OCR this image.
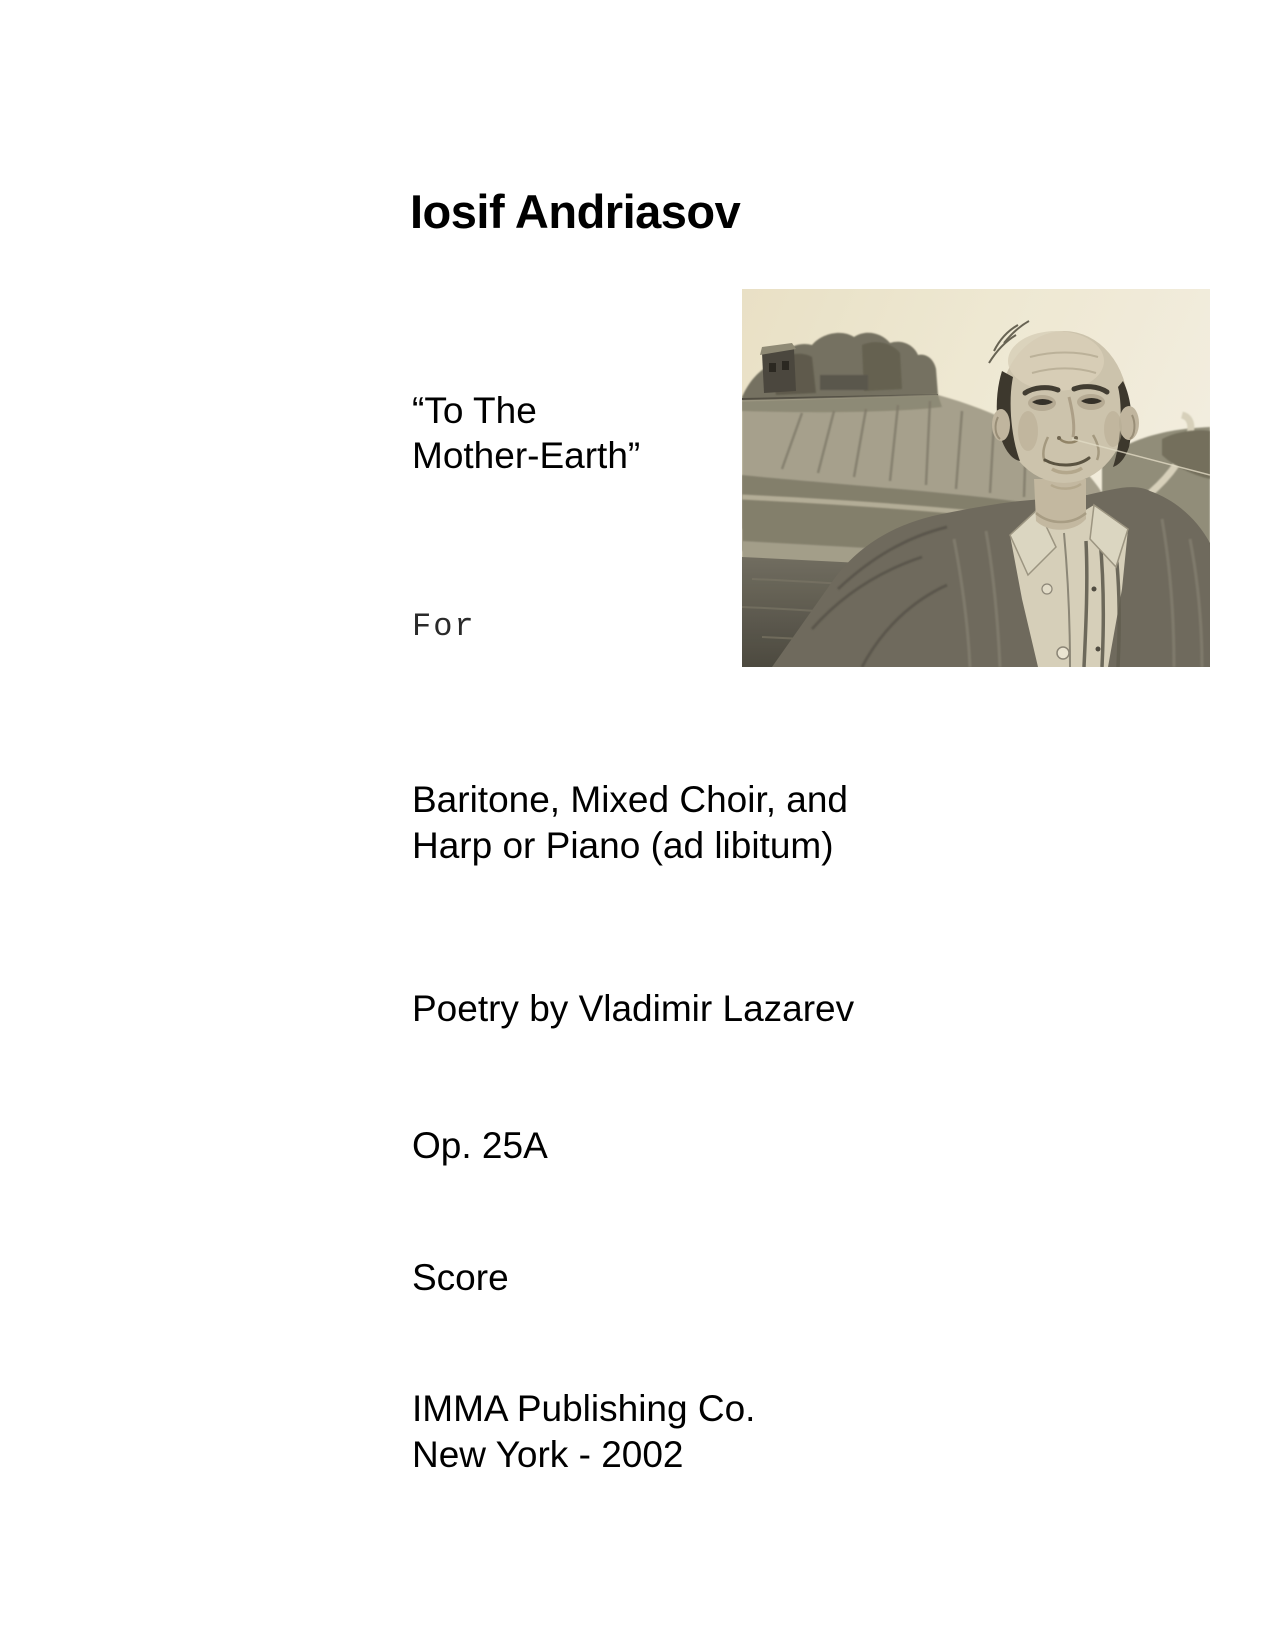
Iosif Andriasov
“To The
Mother-Earth”
For
Baritone, Mixed Choir, and
Harp or Piano (ad libitum)
Poetry by Vladimir Lazarev
Op. 25A
Score
IMMA Publishing Co.
New York - 2002
